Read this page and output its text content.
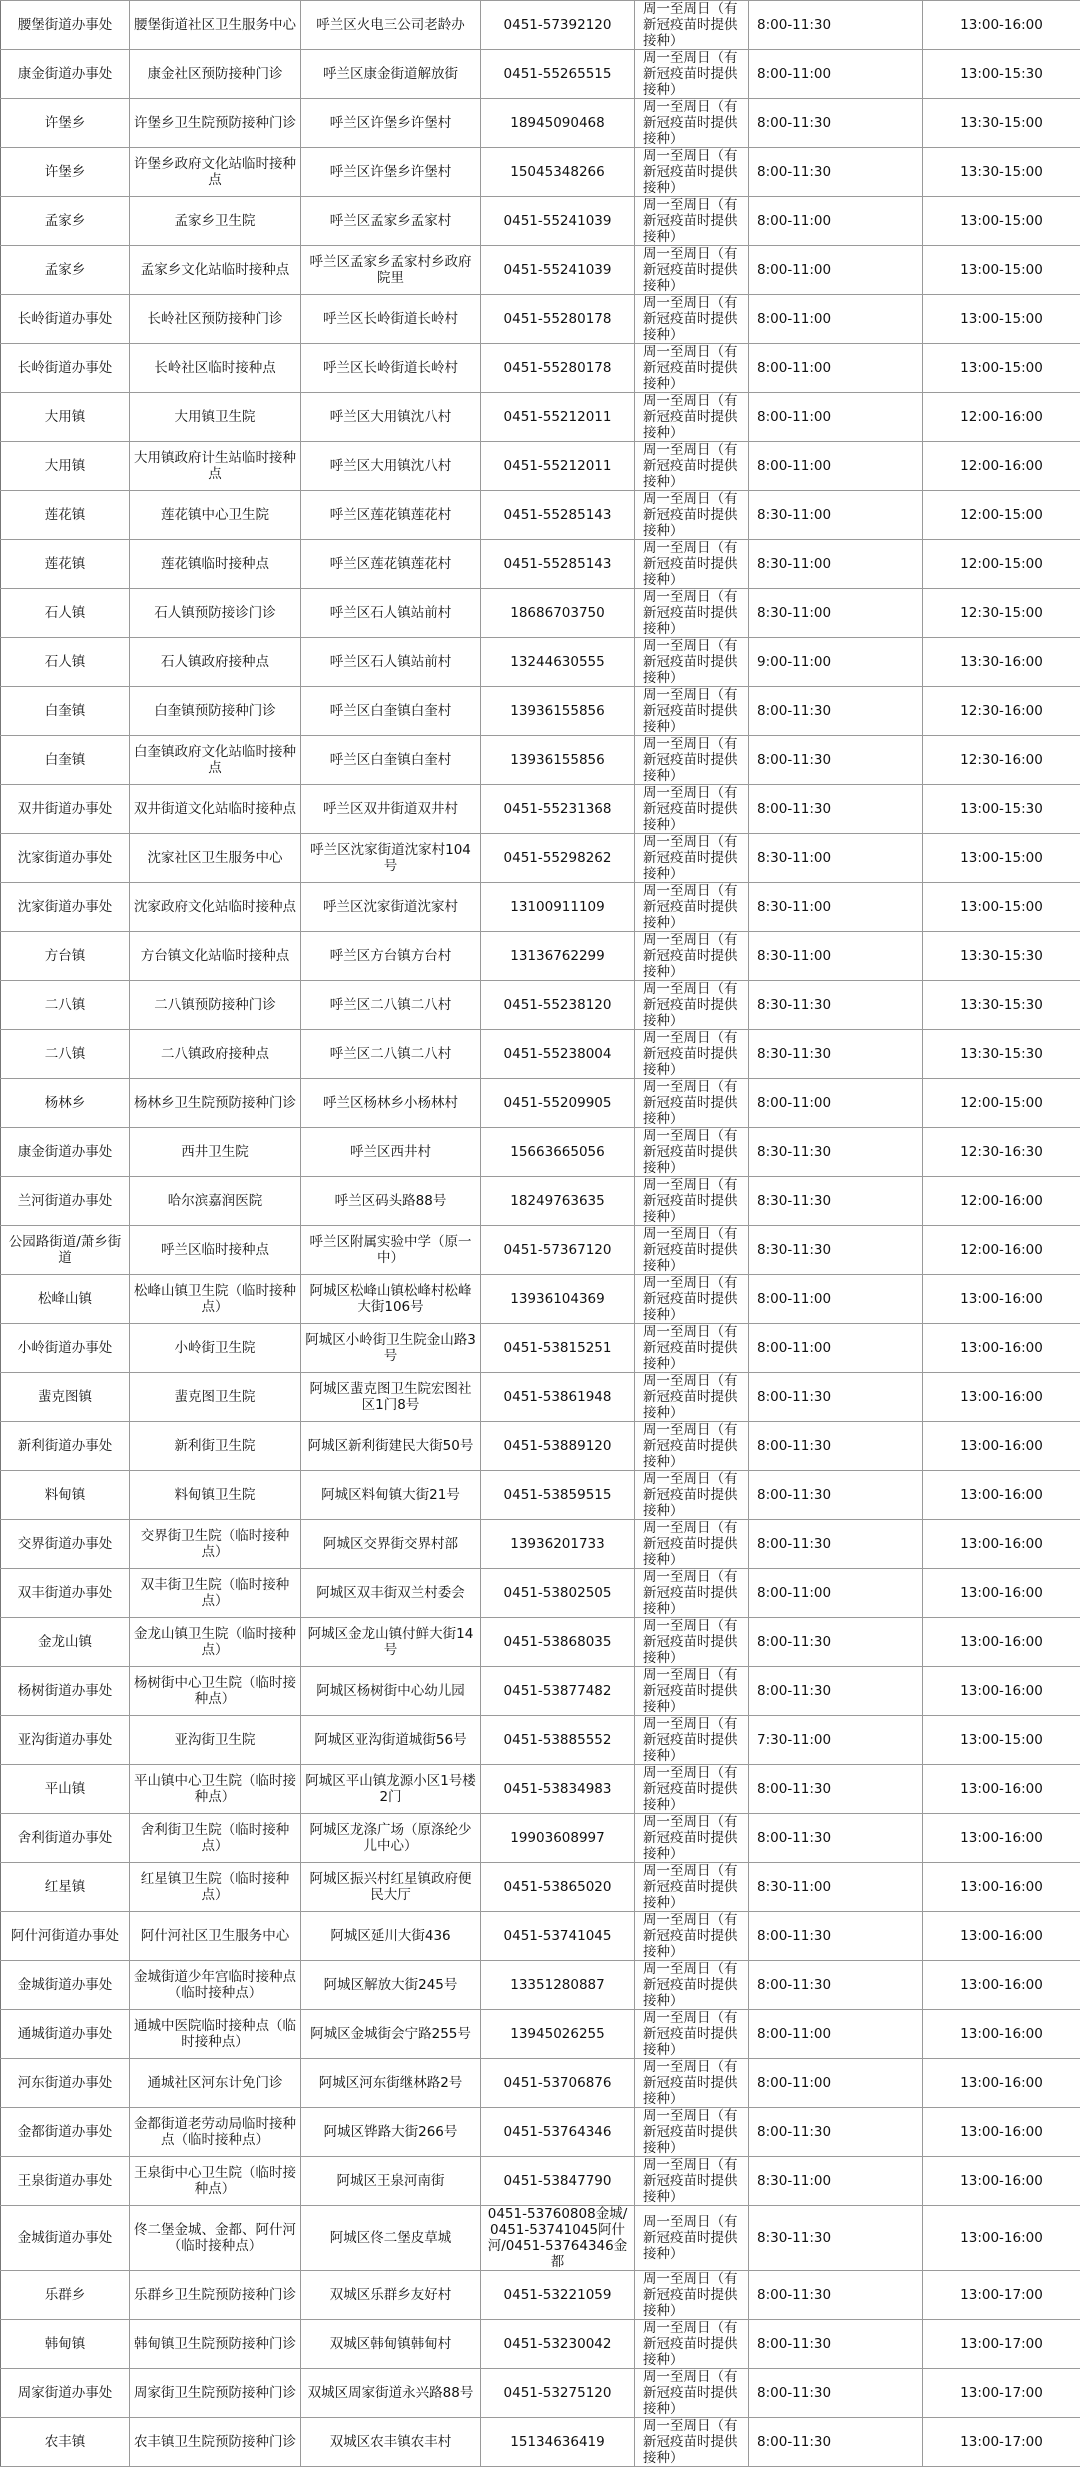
腰堡街道办事处	腰堡街道社区卫生服务中心	呼兰区火电三公司老龄办	0451-57392120	周一至周日（有新冠疫苗时提供接种）	8:00-11:30	13:00-16:00
康金街道办事处	康金社区预防接种门诊	呼兰区康金街道解放街	0451-55265515	周一至周日（有新冠疫苗时提供接种）	8:00-11:00	13:00-15:30
许堡乡	许堡乡卫生院预防接种门诊	呼兰区许堡乡许堡村	18945090468	周一至周日（有新冠疫苗时提供接种）	8:00-11:30	13:30-15:00
许堡乡	许堡乡政府文化站临时接种点	呼兰区许堡乡许堡村	15045348266	周一至周日（有新冠疫苗时提供接种）	8:00-11:30	13:30-15:00
孟家乡	孟家乡卫生院	呼兰区孟家乡孟家村	0451-55241039	周一至周日（有新冠疫苗时提供接种）	8:00-11:00	13:00-15:00
孟家乡	孟家乡文化站临时接种点	呼兰区孟家乡孟家村乡政府院里	0451-55241039	周一至周日（有新冠疫苗时提供接种）	8:00-11:00	13:00-15:00
长岭街道办事处	长岭社区预防接种门诊	呼兰区长岭街道长岭村	0451-55280178	周一至周日（有新冠疫苗时提供接种）	8:00-11:00	13:00-15:00
长岭街道办事处	长岭社区临时接种点	呼兰区长岭街道长岭村	0451-55280178	周一至周日（有新冠疫苗时提供接种）	8:00-11:00	13:00-15:00
大用镇	大用镇卫生院	呼兰区大用镇沈八村	0451-55212011	周一至周日（有新冠疫苗时提供接种）	8:00-11:00	12:00-16:00
大用镇	大用镇政府计生站临时接种点	呼兰区大用镇沈八村	0451-55212011	周一至周日（有新冠疫苗时提供接种）	8:00-11:00	12:00-16:00
莲花镇	莲花镇中心卫生院	呼兰区莲花镇莲花村	0451-55285143	周一至周日（有新冠疫苗时提供接种）	8:30-11:00	12:00-15:00
莲花镇	莲花镇临时接种点	呼兰区莲花镇莲花村	0451-55285143	周一至周日（有新冠疫苗时提供接种）	8:30-11:00	12:00-15:00
石人镇	石人镇预防接诊门诊	呼兰区石人镇站前村	18686703750	周一至周日（有新冠疫苗时提供接种）	8:30-11:00	12:30-15:00
石人镇	石人镇政府接种点	呼兰区石人镇站前村	13244630555	周一至周日（有新冠疫苗时提供接种）	9:00-11:00	13:30-16:00
白奎镇	白奎镇预防接种门诊	呼兰区白奎镇白奎村	13936155856	周一至周日（有新冠疫苗时提供接种）	8:00-11:30	12:30-16:00
白奎镇	白奎镇政府文化站临时接种点	呼兰区白奎镇白奎村	13936155856	周一至周日（有新冠疫苗时提供接种）	8:00-11:30	12:30-16:00
双井街道办事处	双井街道文化站临时接种点	呼兰区双井街道双井村	0451-55231368	周一至周日（有新冠疫苗时提供接种）	8:00-11:30	13:00-15:30
沈家街道办事处	沈家社区卫生服务中心	呼兰区沈家街道沈家村104号	0451-55298262	周一至周日（有新冠疫苗时提供接种）	8:30-11:00	13:00-15:00
沈家街道办事处	沈家政府文化站临时接种点	呼兰区沈家街道沈家村	13100911109	周一至周日（有新冠疫苗时提供接种）	8:30-11:00	13:00-15:00
方台镇	方台镇文化站临时接种点	呼兰区方台镇方台村	13136762299	周一至周日（有新冠疫苗时提供接种）	8:30-11:00	13:30-15:30
二八镇	二八镇预防接种门诊	呼兰区二八镇二八村	0451-55238120	周一至周日（有新冠疫苗时提供接种）	8:30-11:30	13:30-15:30
二八镇	二八镇政府接种点	呼兰区二八镇二八村	0451-55238004	周一至周日（有新冠疫苗时提供接种）	8:30-11:30	13:30-15:30
杨林乡	杨林乡卫生院预防接种门诊	呼兰区杨林乡小杨林村	0451-55209905	周一至周日（有新冠疫苗时提供接种）	8:00-11:00	12:00-15:00
康金街道办事处	西井卫生院	呼兰区西井村	15663665056	周一至周日（有新冠疫苗时提供接种）	8:30-11:30	12:30-16:30
兰河街道办事处	哈尔滨嘉润医院	呼兰区码头路88号	18249763635	周一至周日（有新冠疫苗时提供接种）	8:30-11:30	12:00-16:00
公园路街道/萧乡街道	呼兰区临时接种点	呼兰区附属实验中学（原一中）	0451-57367120	周一至周日（有新冠疫苗时提供接种）	8:30-11:30	12:00-16:00
松峰山镇	松峰山镇卫生院（临时接种点）	阿城区松峰山镇松峰村松峰大街106号	13936104369	周一至周日（有新冠疫苗时提供接种）	8:00-11:00	13:00-16:00
小岭街道办事处	小岭街卫生院	阿城区小岭街卫生院金山路3号	0451-53815251	周一至周日（有新冠疫苗时提供接种）	8:00-11:00	13:00-16:00
蜚克图镇	蜚克图卫生院	阿城区蜚克图卫生院宏图社区1门8号	0451-53861948	周一至周日（有新冠疫苗时提供接种）	8:00-11:30	13:00-16:00
新利街道办事处	新利街卫生院	阿城区新利街建民大街50号	0451-53889120	周一至周日（有新冠疫苗时提供接种）	8:00-11:30	13:00-16:00
料甸镇	料甸镇卫生院	阿城区料甸镇大街21号	0451-53859515	周一至周日（有新冠疫苗时提供接种）	8:00-11:30	13:00-16:00
交界街道办事处	交界街卫生院（临时接种点）	阿城区交界街交界村部	13936201733	周一至周日（有新冠疫苗时提供接种）	8:00-11:30	13:00-16:00
双丰街道办事处	双丰街卫生院（临时接种点）	阿城区双丰街双兰村委会	0451-53802505	周一至周日（有新冠疫苗时提供接种）	8:00-11:00	13:00-16:00
金龙山镇	金龙山镇卫生院（临时接种点）	阿城区金龙山镇付鲜大街14号	0451-53868035	周一至周日（有新冠疫苗时提供接种）	8:00-11:30	13:00-16:00
杨树街道办事处	杨树街中心卫生院（临时接种点）	阿城区杨树街中心幼儿园	0451-53877482	周一至周日（有新冠疫苗时提供接种）	8:00-11:30	13:00-16:00
亚沟街道办事处	亚沟街卫生院	阿城区亚沟街道城街56号	0451-53885552	周一至周日（有新冠疫苗时提供接种）	7:30-11:00	13:00-15:00
平山镇	平山镇中心卫生院（临时接种点）	阿城区平山镇龙源小区1号楼2门	0451-53834983	周一至周日（有新冠疫苗时提供接种）	8:00-11:30	13:00-16:00
舍利街道办事处	舍利街卫生院（临时接种点）	阿城区龙涤广场（原涤纶少儿中心）	19903608997	周一至周日（有新冠疫苗时提供接种）	8:00-11:30	13:00-16:00
红星镇	红星镇卫生院（临时接种点）	阿城区振兴村红星镇政府便民大厅	0451-53865020	周一至周日（有新冠疫苗时提供接种）	8:30-11:00	13:00-16:00
阿什河街道办事处	阿什河社区卫生服务中心	阿城区延川大街436	0451-53741045	周一至周日（有新冠疫苗时提供接种）	8:00-11:30	13:00-16:00
金城街道办事处	金城街道少年宫临时接种点（临时接种点）	阿城区解放大街245号	13351280887	周一至周日（有新冠疫苗时提供接种）	8:00-11:30	13:00-16:00
通城街道办事处	通城中医院临时接种点（临时接种点）	阿城区金城街会宁路255号	13945026255	周一至周日（有新冠疫苗时提供接种）	8:00-11:00	13:00-16:00
河东街道办事处	通城社区河东计免门诊	阿城区河东街继林路2号	0451-53706876	周一至周日（有新冠疫苗时提供接种）	8:00-11:00	13:00-16:00
金都街道办事处	金都街道老劳动局临时接种点（临时接种点）	阿城区铧路大街266号	0451-53764346	周一至周日（有新冠疫苗时提供接种）	8:00-11:30	13:00-16:00
王泉街道办事处	王泉街中心卫生院（临时接种点）	阿城区王泉河南街	0451-53847790	周一至周日（有新冠疫苗时提供接种）	8:30-11:00	13:00-16:00
金城街道办事处	佟二堡金城、金都、阿什河（临时接种点）	阿城区佟二堡皮草城	0451-53760808金城/0451-53741045阿什河/0451-53764346金都	周一至周日（有新冠疫苗时提供接种）	8:30-11:30	13:00-16:00
乐群乡	乐群乡卫生院预防接种门诊	双城区乐群乡友好村	0451-53221059	周一至周日（有新冠疫苗时提供接种）	8:00-11:30	13:00-17:00
韩甸镇	韩甸镇卫生院预防接种门诊	双城区韩甸镇韩甸村	0451-53230042	周一至周日（有新冠疫苗时提供接种）	8:00-11:30	13:00-17:00
周家街道办事处	周家街卫生院预防接种门诊	双城区周家街道永兴路88号	0451-53275120	周一至周日（有新冠疫苗时提供接种）	8:00-11:30	13:00-17:00
农丰镇	农丰镇卫生院预防接种门诊	双城区农丰镇农丰村	15134636419	周一至周日（有新冠疫苗时提供接种）	8:00-11:30	13:00-17:00
